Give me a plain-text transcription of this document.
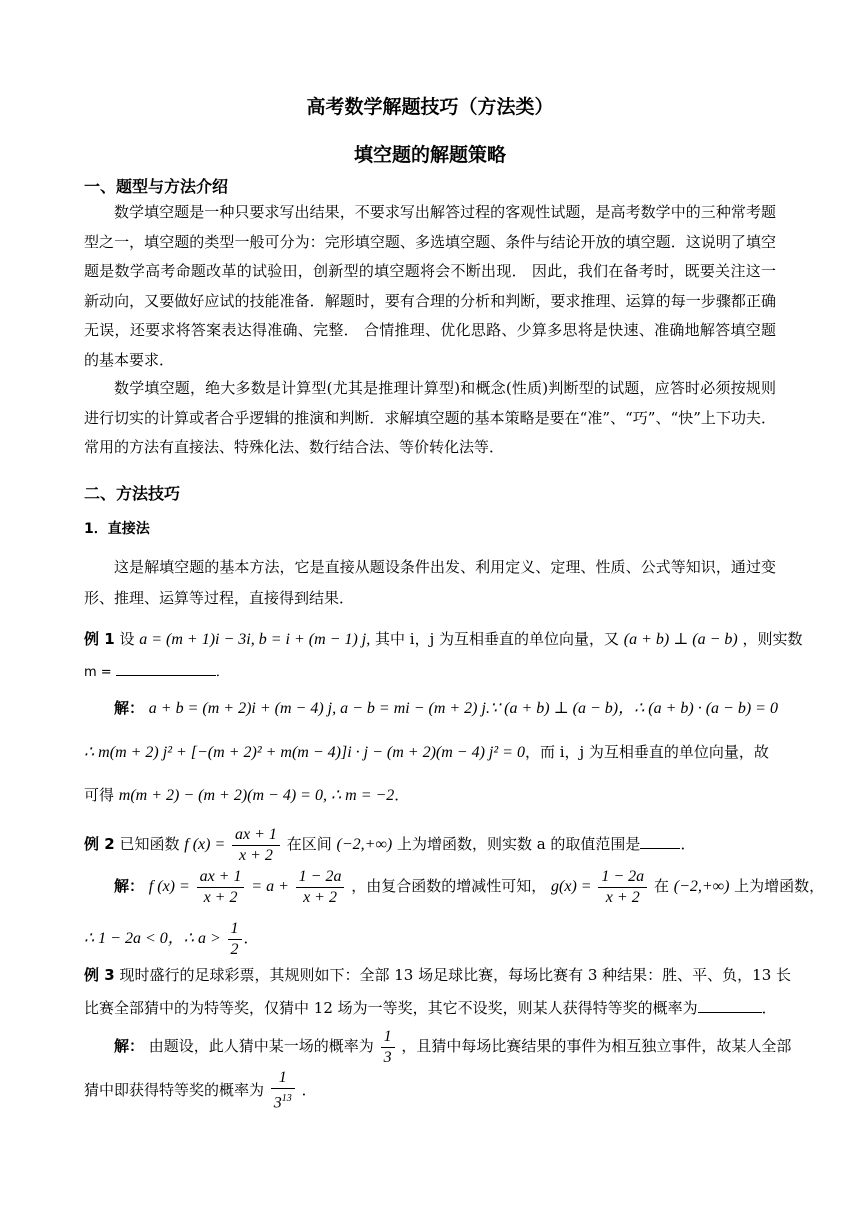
高考数学解题技巧（方法类）
填空题的解题策略
一、题型与方法介绍
数学填空题是一种只要求写出结果，不要求写出解答过程的客观性试题，是高考数学中的三种常考题型之一，填空题的类型一般可分为：完形填空题、多选填空题、条件与结论开放的填空题．这说明了填空题是数学高考命题改革的试验田，创新型的填空题将会不断出现． 因此，我们在备考时，既要关注这一新动向，又要做好应试的技能准备．解题时，要有合理的分析和判断，要求推理、运算的每一步骤都正确无误，还要求将答案表达得准确、完整． 合情推理、优化思路、少算多思将是快速、准确地解答填空题的基本要求．
数学填空题，绝大多数是计算型(尤其是推理计算型)和概念(性质)判断型的试题，应答时必须按规则进行切实的计算或者合乎逻辑的推演和判断．求解填空题的基本策略是要在“准”、“巧”、“快”上下功夫．常用的方法有直接法、特殊化法、数行结合法、等价转化法等．
二、方法技巧
1．直接法
这是解填空题的基本方法，它是直接从题设条件出发、利用定义、定理、性质、公式等知识，通过变形、推理、运算等过程，直接得到结果．
例 1 设 a = (m + 1)i − 3i, b = i + (m − 1) j, 其中 i，j 为互相垂直的单位向量，又 (a + b) ⊥ (a − b) ，则实数
m =	．
解： a + b = (m + 2)i + (m − 4) j, a − b = mi − (m + 2) j.∵ (a + b) ⊥ (a − b)，∴ (a + b) · (a − b) = 0
∴ m(m + 2) j² + [−(m + 2)² + m(m − 4)]i · j − (m + 2)(m − 4) j² = 0，而 i，j 为互相垂直的单位向量，故
可得 m(m + 2) − (m + 2)(m − 4) = 0, ∴ m = −2．
例 2 已知函数 f $(x) = \frac{ax + 1}{x + 2}$ 在区间 (−2,+∞) 上为增函数，则实数 a 的取值范围是	．
解： f $(x) = \frac{ax + 1}{x + 2} = a + \frac{1 - 2a}{x + 2}$ ，由复合函数的增减性可知， $g(x) = \frac{1 - 2a}{x + 2}$ 在 (−2,+∞) 上为增函数，
∴ 1 − 2a < 0，∴ $a > \frac{1}{2}$ ．
例 3 现时盛行的足球彩票，其规则如下：全部 13 场足球比赛，每场比赛有 3 种结果：胜、平、负，13 长
比赛全部猜中的为特等奖，仅猜中 12 场为一等奖，其它不设奖，则某人获得特等奖的概率为	．
解： 由题设，此人猜中某一场的概率为 $\frac{1}{3}$ ，且猜中每场比赛结果的事件为相互独立事件，故某人全部
猜中即获得特等奖的概率为 $\frac{1}{3^{13}}$ ．
